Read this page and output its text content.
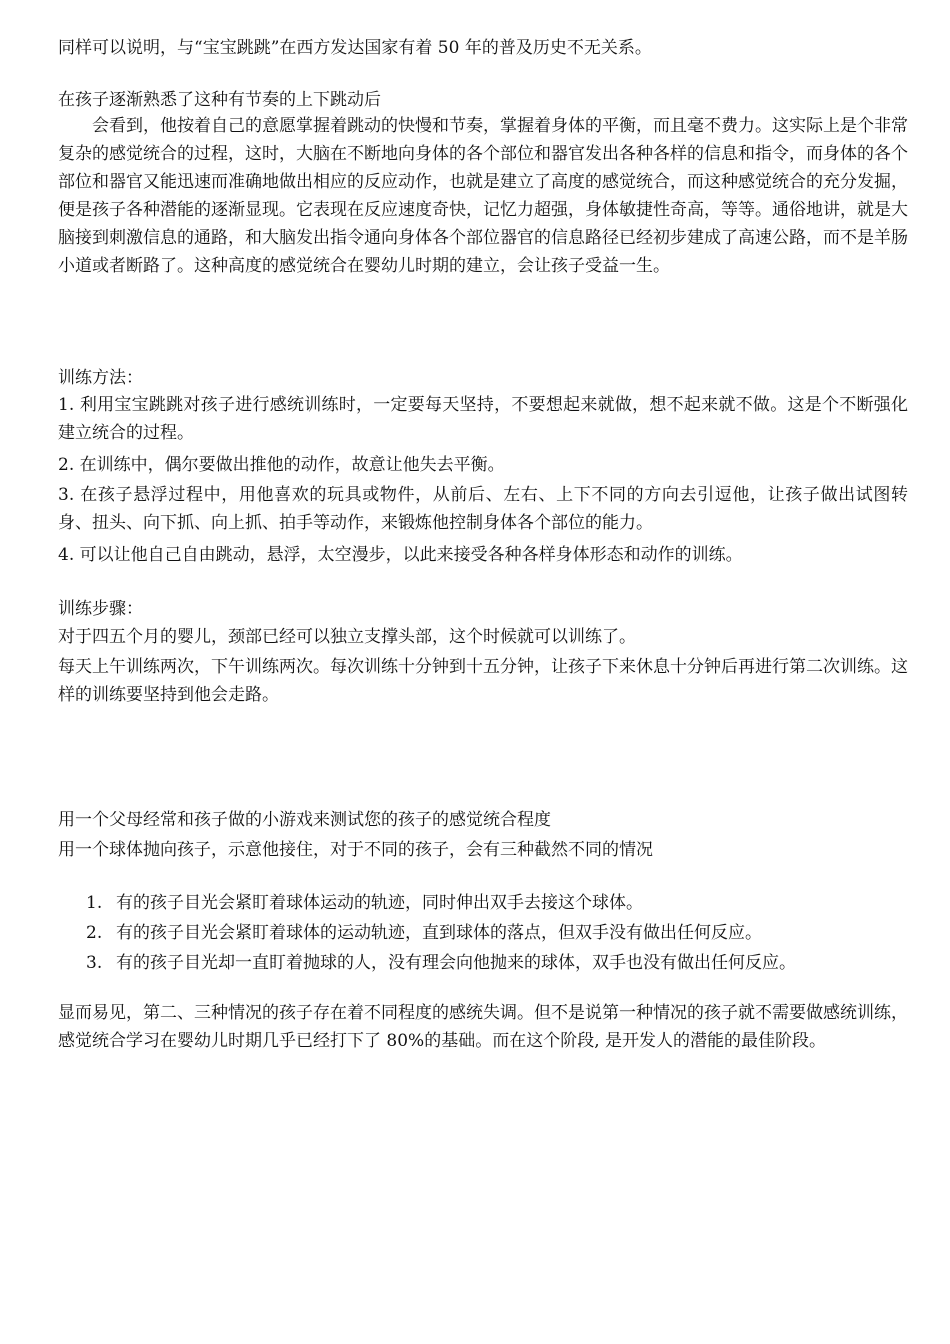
同样可以说明，与“宝宝跳跳”在西方发达国家有着 50 年的普及历史不无关系。
在孩子逐渐熟悉了这种有节奏的上下跳动后
会看到，他按着自己的意愿掌握着跳动的快慢和节奏，掌握着身体的平衡，而且毫不费力。这实际上是个非常复杂的感觉统合的过程，这时，大脑在不断地向身体的各个部位和器官发出各种各样的信息和指令，而身体的各个部位和器官又能迅速而准确地做出相应的反应动作，也就是建立了高度的感觉统合，而这种感觉统合的充分发掘，便是孩子各种潜能的逐渐显现。它表现在反应速度奇快，记忆力超强，身体敏捷性奇高，等等。通俗地讲，就是大脑接到刺激信息的通路，和大脑发出指令通向身体各个部位器官的信息路径已经初步建成了高速公路，而不是羊肠小道或者断路了。这种高度的感觉统合在婴幼儿时期的建立，会让孩子受益一生。
训练方法：
1. 利用宝宝跳跳对孩子进行感统训练时，一定要每天坚持，不要想起来就做，想不起来就不做。这是个不断强化建立统合的过程。
2. 在训练中，偶尔要做出推他的动作，故意让他失去平衡。
3. 在孩子悬浮过程中，用他喜欢的玩具或物件，从前后、左右、上下不同的方向去引逗他，让孩子做出试图转身、扭头、向下抓、向上抓、拍手等动作，来锻炼他控制身体各个部位的能力。
4. 可以让他自己自由跳动，悬浮，太空漫步，以此来接受各种各样身体形态和动作的训练。
训练步骤：
对于四五个月的婴儿，颈部已经可以独立支撑头部，这个时候就可以训练了。
每天上午训练两次，下午训练两次。每次训练十分钟到十五分钟，让孩子下来休息十分钟后再进行第二次训练。这样的训练要坚持到他会走路。
用一个父母经常和孩子做的小游戏来测试您的孩子的感觉统合程度
用一个球体抛向孩子，示意他接住，对于不同的孩子，会有三种截然不同的情况
1. 有的孩子目光会紧盯着球体运动的轨迹，同时伸出双手去接这个球体。
2. 有的孩子目光会紧盯着球体的运动轨迹，直到球体的落点，但双手没有做出任何反应。
3. 有的孩子目光却一直盯着抛球的人，没有理会向他抛来的球体，双手也没有做出任何反应。
显而易见，第二、三种情况的孩子存在着不同程度的感统失调。但不是说第一种情况的孩子就不需要做感统训练，感觉统合学习在婴幼儿时期几乎已经打下了 80%的基础。而在这个阶段, 是开发人的潜能的最佳阶段。
